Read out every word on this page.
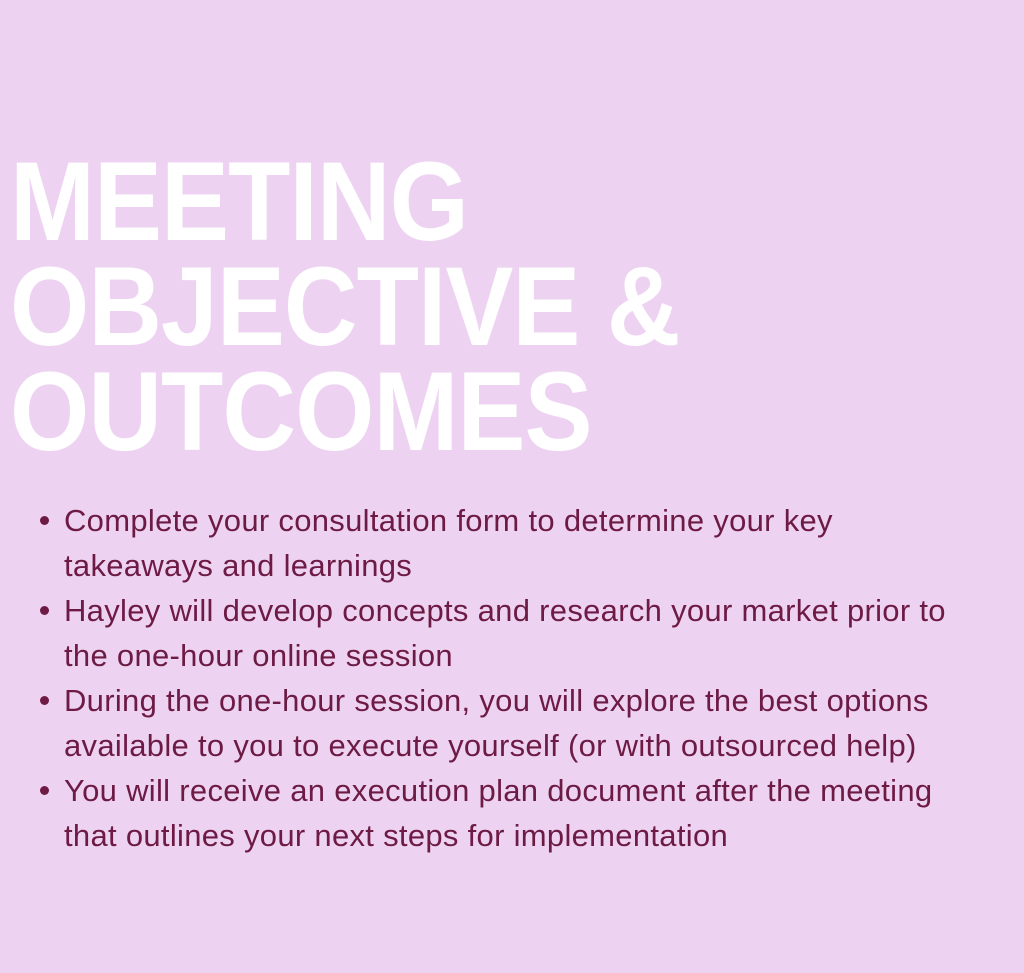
MEETING
OBJECTIVE &
OUTCOMES
Complete your consultation form to determine your key takeaways and learnings
Hayley will develop concepts and research your market prior to the one-hour online session
During the one-hour session, you will explore the best options available to you to execute yourself (or with outsourced help)
You will receive an execution plan document after the meeting that outlines your next steps for implementation
